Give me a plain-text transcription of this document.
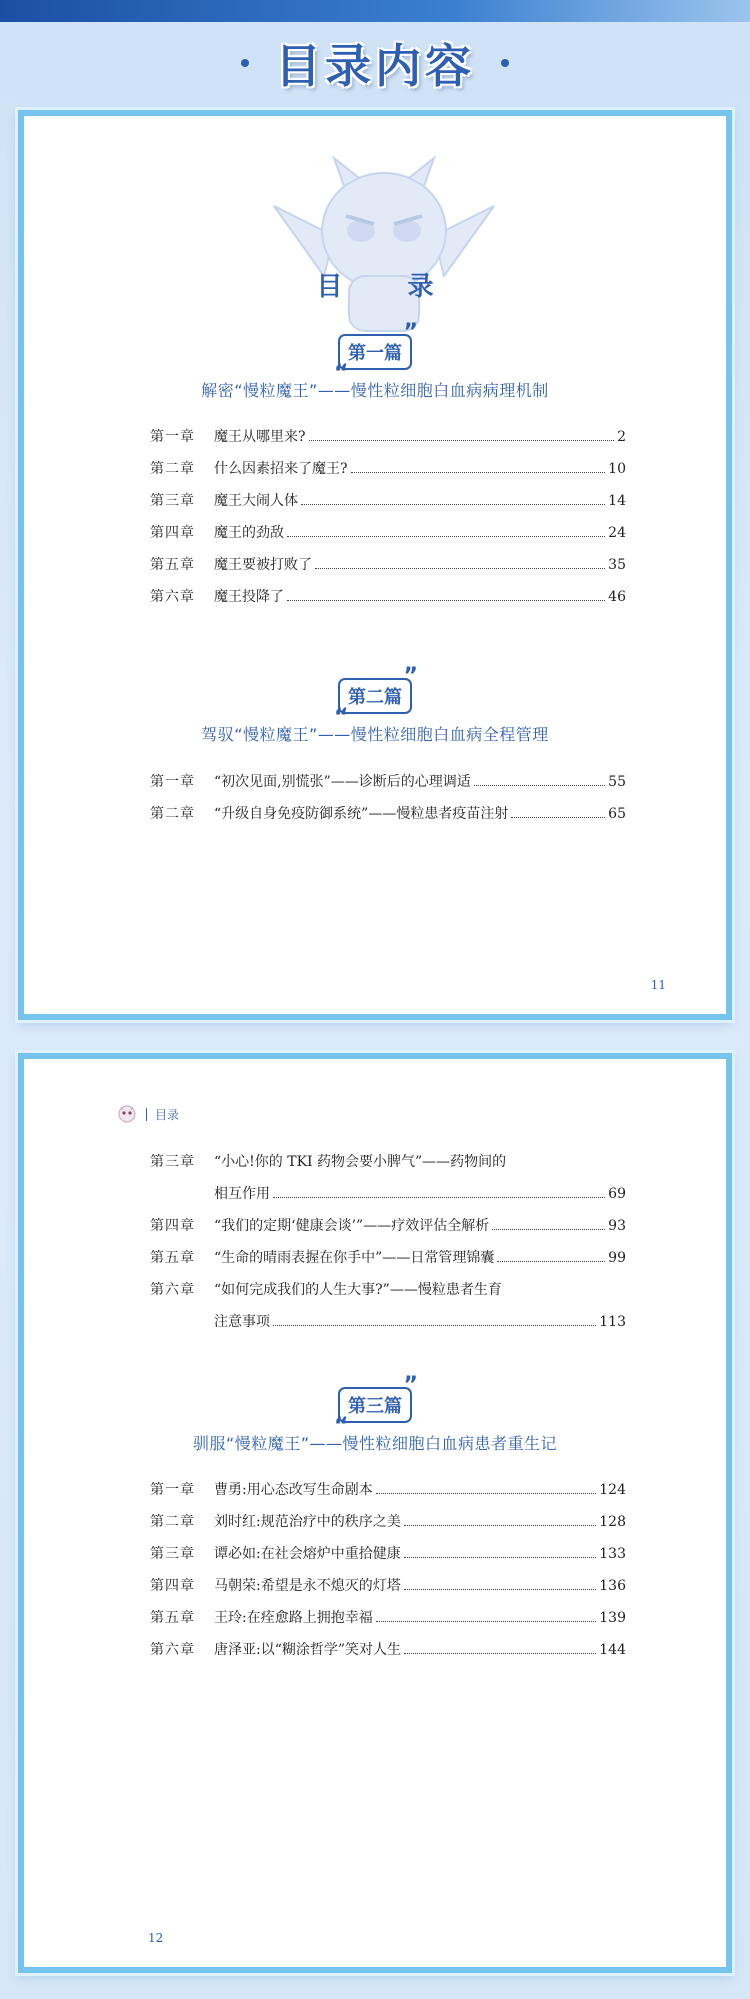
目录内容
目 录
第一篇
”
“
解密“慢粒魔王”——慢性粒细胞白血病病理机制
第一章	魔王从哪里来?	2
第二章	什么因素招来了魔王?	10
第三章	魔王大闹人体	14
第四章	魔王的劲敌	24
第五章	魔王要被打败了	35
第六章	魔王投降了	46
第二篇
”
“
驾驭“慢粒魔王”——慢性粒细胞白血病全程管理
第一章	“初次见面,别慌张”——诊断后的心理调适	55
第二章	“升级自身免疫防御系统”——慢粒患者疫苗注射	65
11
目录
第三章	“小心!你的 TKI 药物会要小脾气”——药物间的
相互作用	69
第四章	“我们的定期‘健康会谈’”——疗效评估全解析	93
第五章	“生命的晴雨表握在你手中”——日常管理锦囊	99
第六章	“如何完成我们的人生大事?”——慢粒患者生育
注意事项	113
第三篇
”
“
驯服“慢粒魔王”——慢性粒细胞白血病患者重生记
第一章	曹勇:用心态改写生命剧本	124
第二章	刘时红:规范治疗中的秩序之美	128
第三章	谭必如:在社会熔炉中重拾健康	133
第四章	马朝荣:希望是永不熄灭的灯塔	136
第五章	王玲:在痊愈路上拥抱幸福	139
第六章	唐泽亚:以“糊涂哲学”笑对人生	144
12
